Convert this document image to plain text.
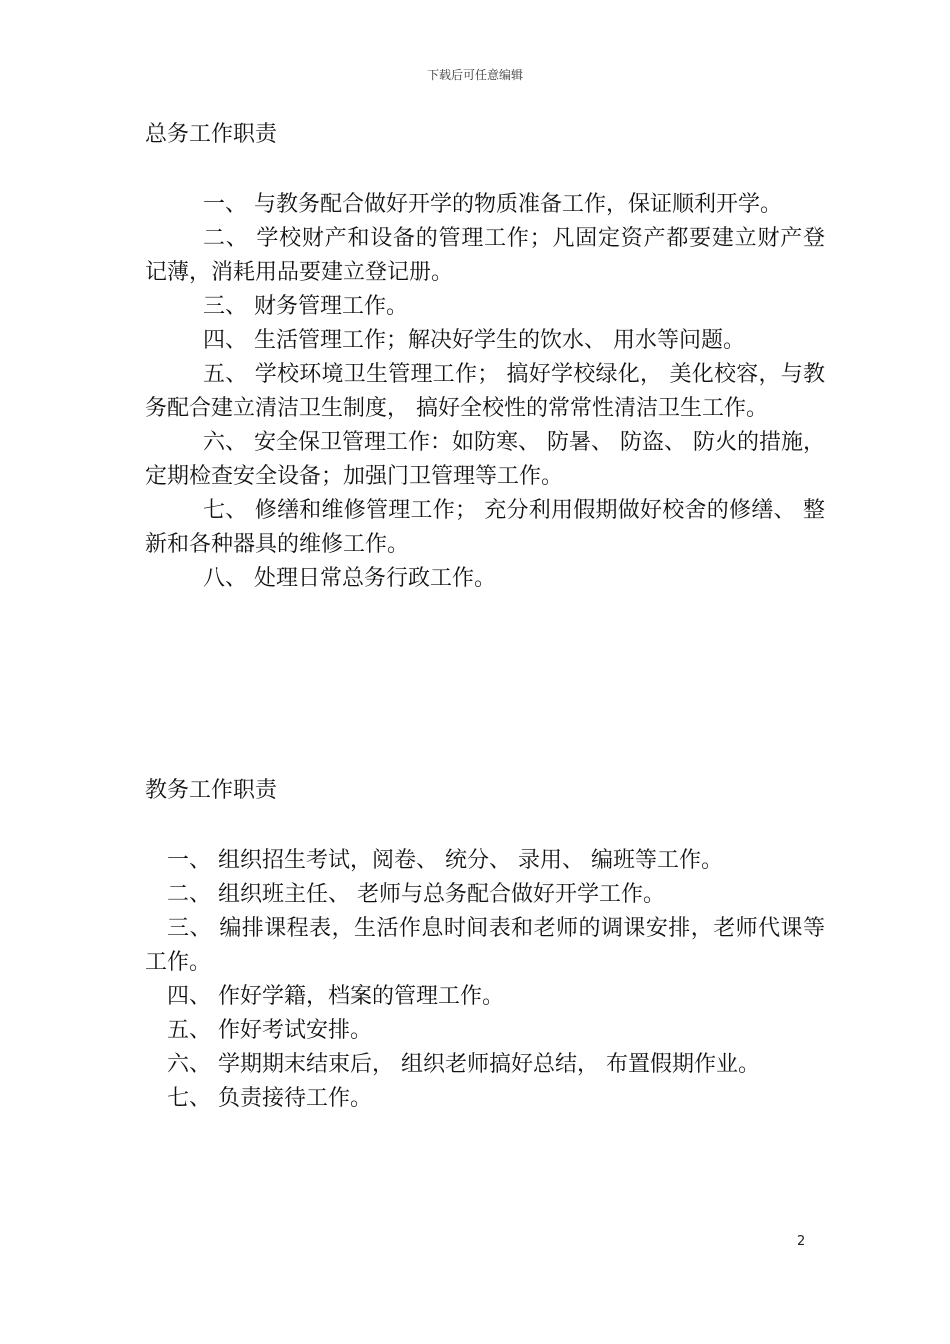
下载后可任意编辑
总务工作职责

一、 与教务配合做好开学的物质准备工作，保证顺利开学。

二、 学校财产和设备的管理工作；凡固定资产都要建立财产登记薄，消耗用品要建立登记册。

三、 财务管理工作。

四、 生活管理工作；解决好学生的饮水、 用水等问题。

五、 学校环境卫生管理工作； 搞好学校绿化， 美化校容，与教务配合建立清洁卫生制度， 搞好全校性的常常性清洁卫生工作。

六、 安全保卫管理工作：如防寒、 防暑、 防盗、 防火的措施，定期检查安全设备；加强门卫管理等工作。

七、 修缮和维修管理工作； 充分利用假期做好校舍的修缮、 整新和各种器具的维修工作。

八、 处理日常总务行政工作。

教务工作职责

一、 组织招生考试，阅卷、 统分、 录用、 编班等工作。

二、 组织班主任、 老师与总务配合做好开学工作。

三、 编排课程表，生活作息时间表和老师的调课安排，老师代课等工作。

四、 作好学籍，档案的管理工作。

五、 作好考试安排。

六、 学期期末结束后， 组织老师搞好总结， 布置假期作业。

七、 负责接待工作。

2
